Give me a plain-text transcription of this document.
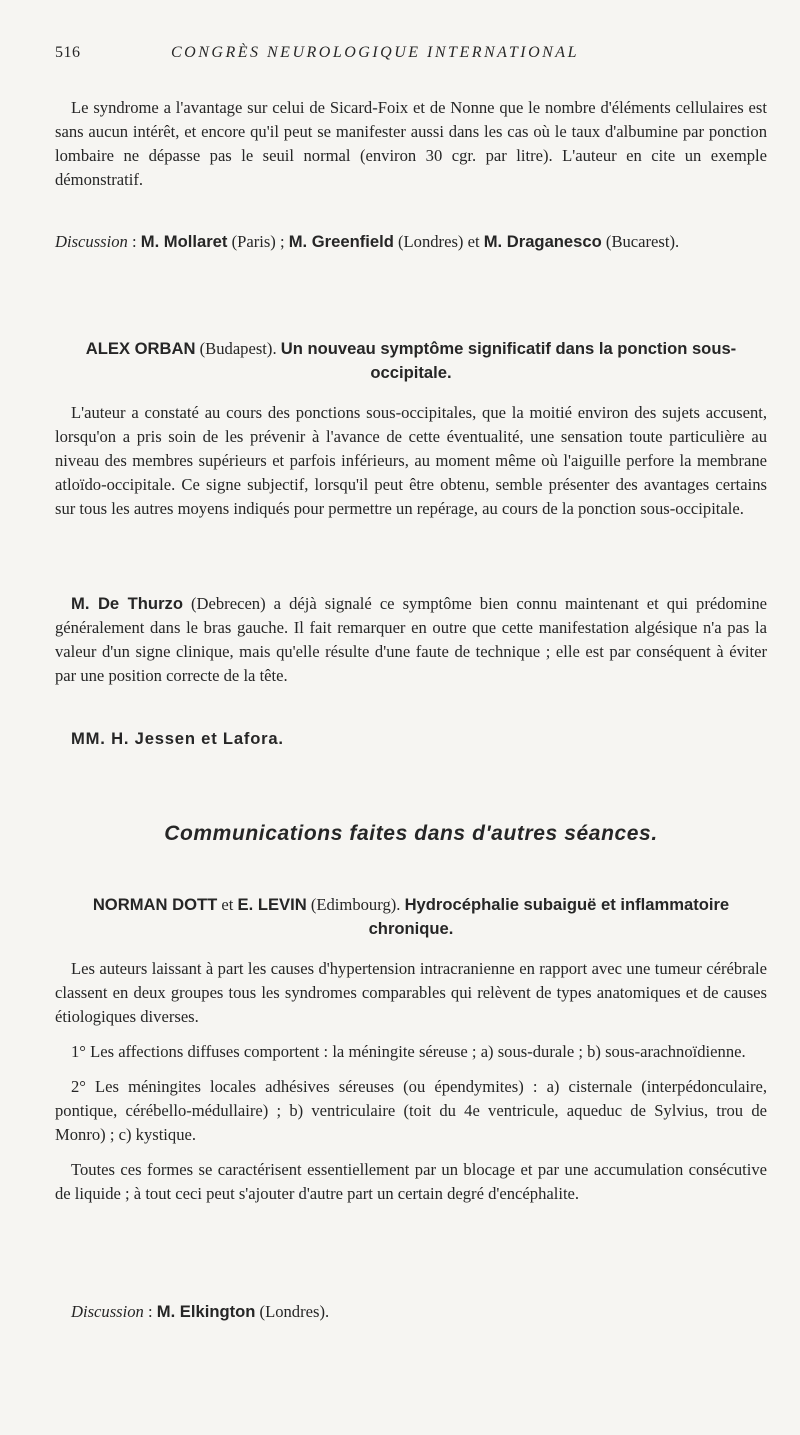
516	CONGRÈS NEUROLOGIQUE INTERNATIONAL

Le syndrome a l'avantage sur celui de Sicard-Foix et de Nonne que le nombre d'éléments cellulaires est sans aucun intérêt, et encore qu'il peut se manifester aussi dans les cas où le taux d'albumine par ponction lombaire ne dépasse pas le seuil normal (environ 30 cgr. par litre). L'auteur en cite un exemple démonstratif.

Discussion : M. Mollaret (Paris) ; M. Greenfield (Londres) et M. Draganesco (Bucarest).

ALEX ORBAN (Budapest). Un nouveau symptôme significatif dans la ponction sous-occipitale.

L'auteur a constaté au cours des ponctions sous-occipitales, que la moitié environ des sujets accusent, lorsqu'on a pris soin de les prévenir à l'avance de cette éventualité, une sensation toute particulière au niveau des membres supérieurs et parfois inférieurs, au moment même où l'aiguille perfore la membrane atloïdo-occipitale. Ce signe subjectif, lorsqu'il peut être obtenu, semble présenter des avantages certains sur tous les autres moyens indiqués pour permettre un repérage, au cours de la ponction sous-occipitale.

M. De Thurzo (Debrecen) a déjà signalé ce symptôme bien connu maintenant et qui prédomine généralement dans le bras gauche. Il fait remarquer en outre que cette manifestation algésique n'a pas la valeur d'un signe clinique, mais qu'elle résulte d'une faute de technique ; elle est par conséquent à éviter par une position correcte de la tête.

MM. H. Jessen et Lafora.

Communications faites dans d'autres séances.

NORMAN DOTT et E. LEVIN (Edimbourg). Hydrocéphalie subaiguë et inflammatoire chronique.

Les auteurs laissant à part les causes d'hypertension intracranienne en rapport avec une tumeur cérébrale classent en deux groupes tous les syndromes comparables qui relèvent de types anatomiques et de causes étiologiques diverses.

1° Les affections diffuses comportent : la méningite séreuse ; a) sous-durale ; b) sous-arachnoïdienne.

2° Les méningites locales adhésives séreuses (ou épendymites) : a) cisternale (interpédonculaire, pontique, cérébello-médullaire) ; b) ventriculaire (toit du 4e ventricule, aqueduc de Sylvius, trou de Monro) ; c) kystique.

Toutes ces formes se caractérisent essentiellement par un blocage et par une accumulation consécutive de liquide ; à tout ceci peut s'ajouter d'autre part un certain degré d'encéphalite.

Discussion : M. Elkington (Londres).
